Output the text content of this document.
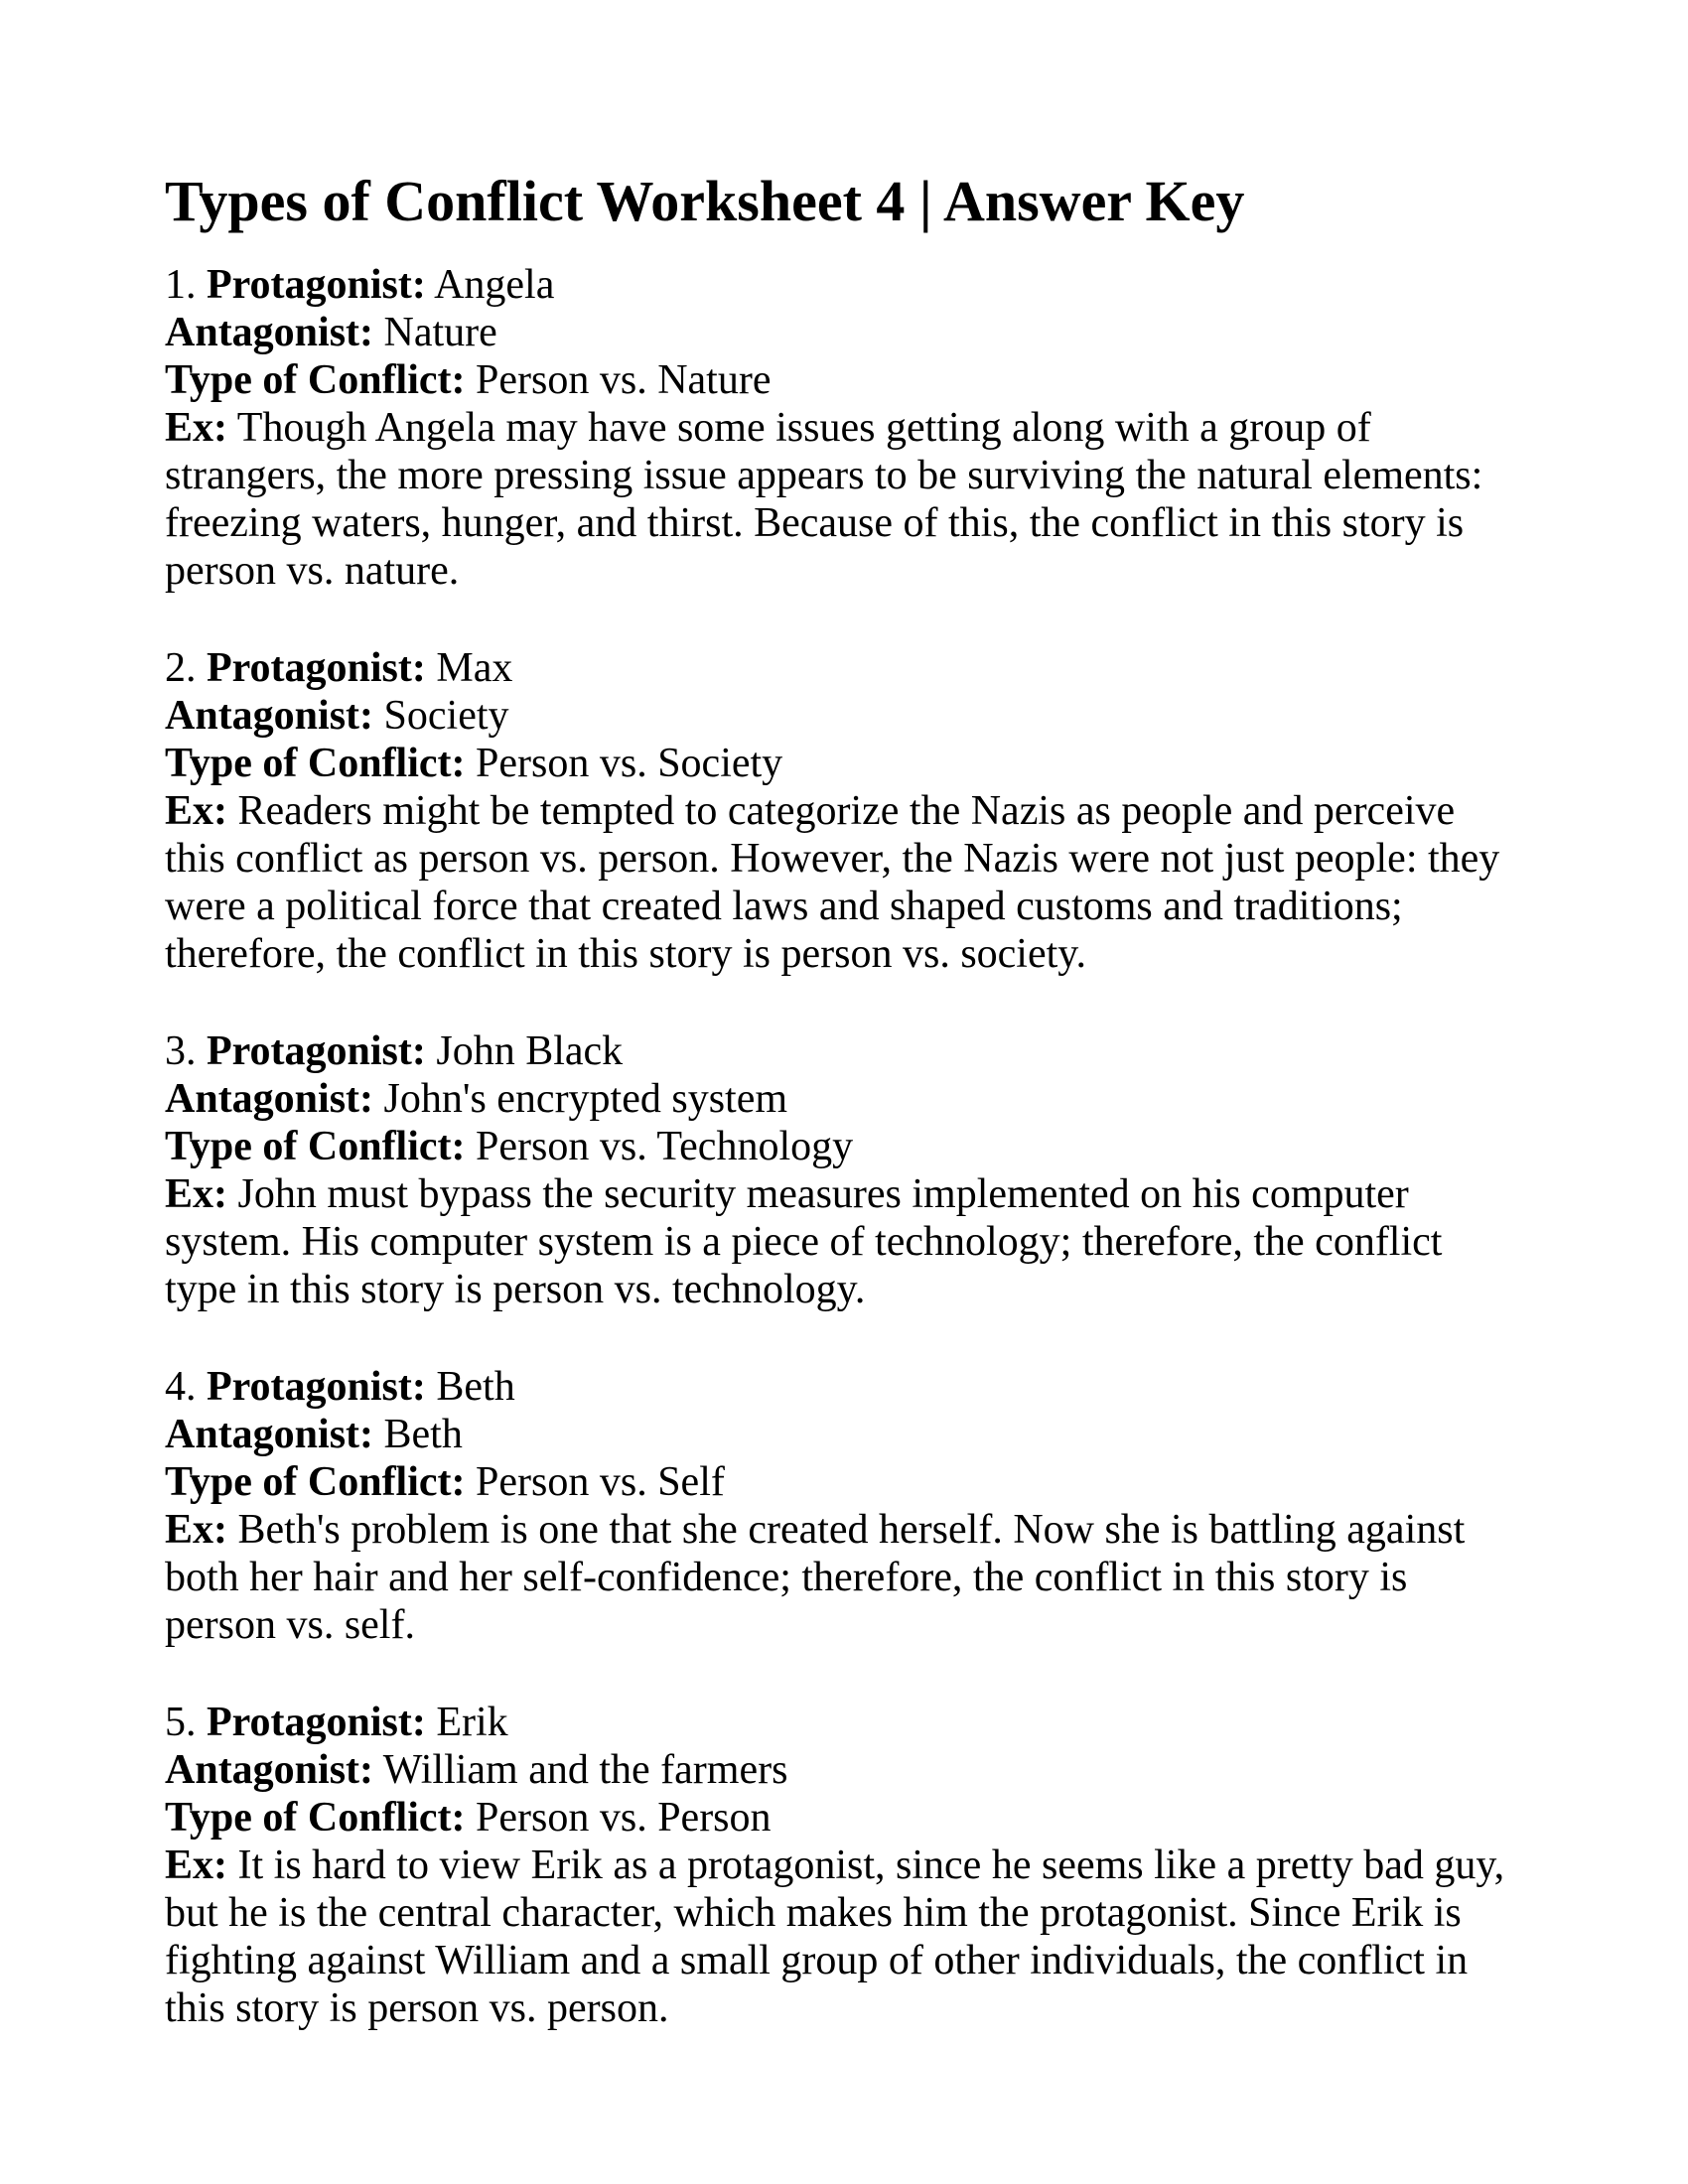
Types of Conflict Worksheet 4 | Answer Key
1. Protagonist: Angela
Antagonist: Nature
Type of Conflict: Person vs. Nature

Ex: Though Angela may have some issues getting along with a group of strangers, the more pressing issue appears to be surviving the natural elements: freezing waters, hunger, and thirst. Because of this, the conflict in this story is person vs. nature.

2. Protagonist: Max
Antagonist: Society
Type of Conflict: Person vs. Society

Ex: Readers might be tempted to categorize the Nazis as people and perceive this conflict as person vs. person. However, the Nazis were not just people: they were a political force that created laws and shaped customs and traditions; therefore, the conflict in this story is person vs. society.

3. Protagonist: John Black
Antagonist: John's encrypted system
Type of Conflict: Person vs. Technology

Ex: John must bypass the security measures implemented on his computer system. His computer system is a piece of technology; therefore, the conflict type in this story is person vs. technology.

4. Protagonist: Beth
Antagonist: Beth
Type of Conflict: Person vs. Self

Ex: Beth's problem is one that she created herself. Now she is battling against both her hair and her self-confidence; therefore, the conflict in this story is person vs. self.

5. Protagonist: Erik
Antagonist: William and the farmers
Type of Conflict: Person vs. Person

Ex: It is hard to view Erik as a protagonist, since he seems like a pretty bad guy, but he is the central character, which makes him the protagonist. Since Erik is fighting against William and a small group of other individuals, the conflict in this story is person vs. person.
